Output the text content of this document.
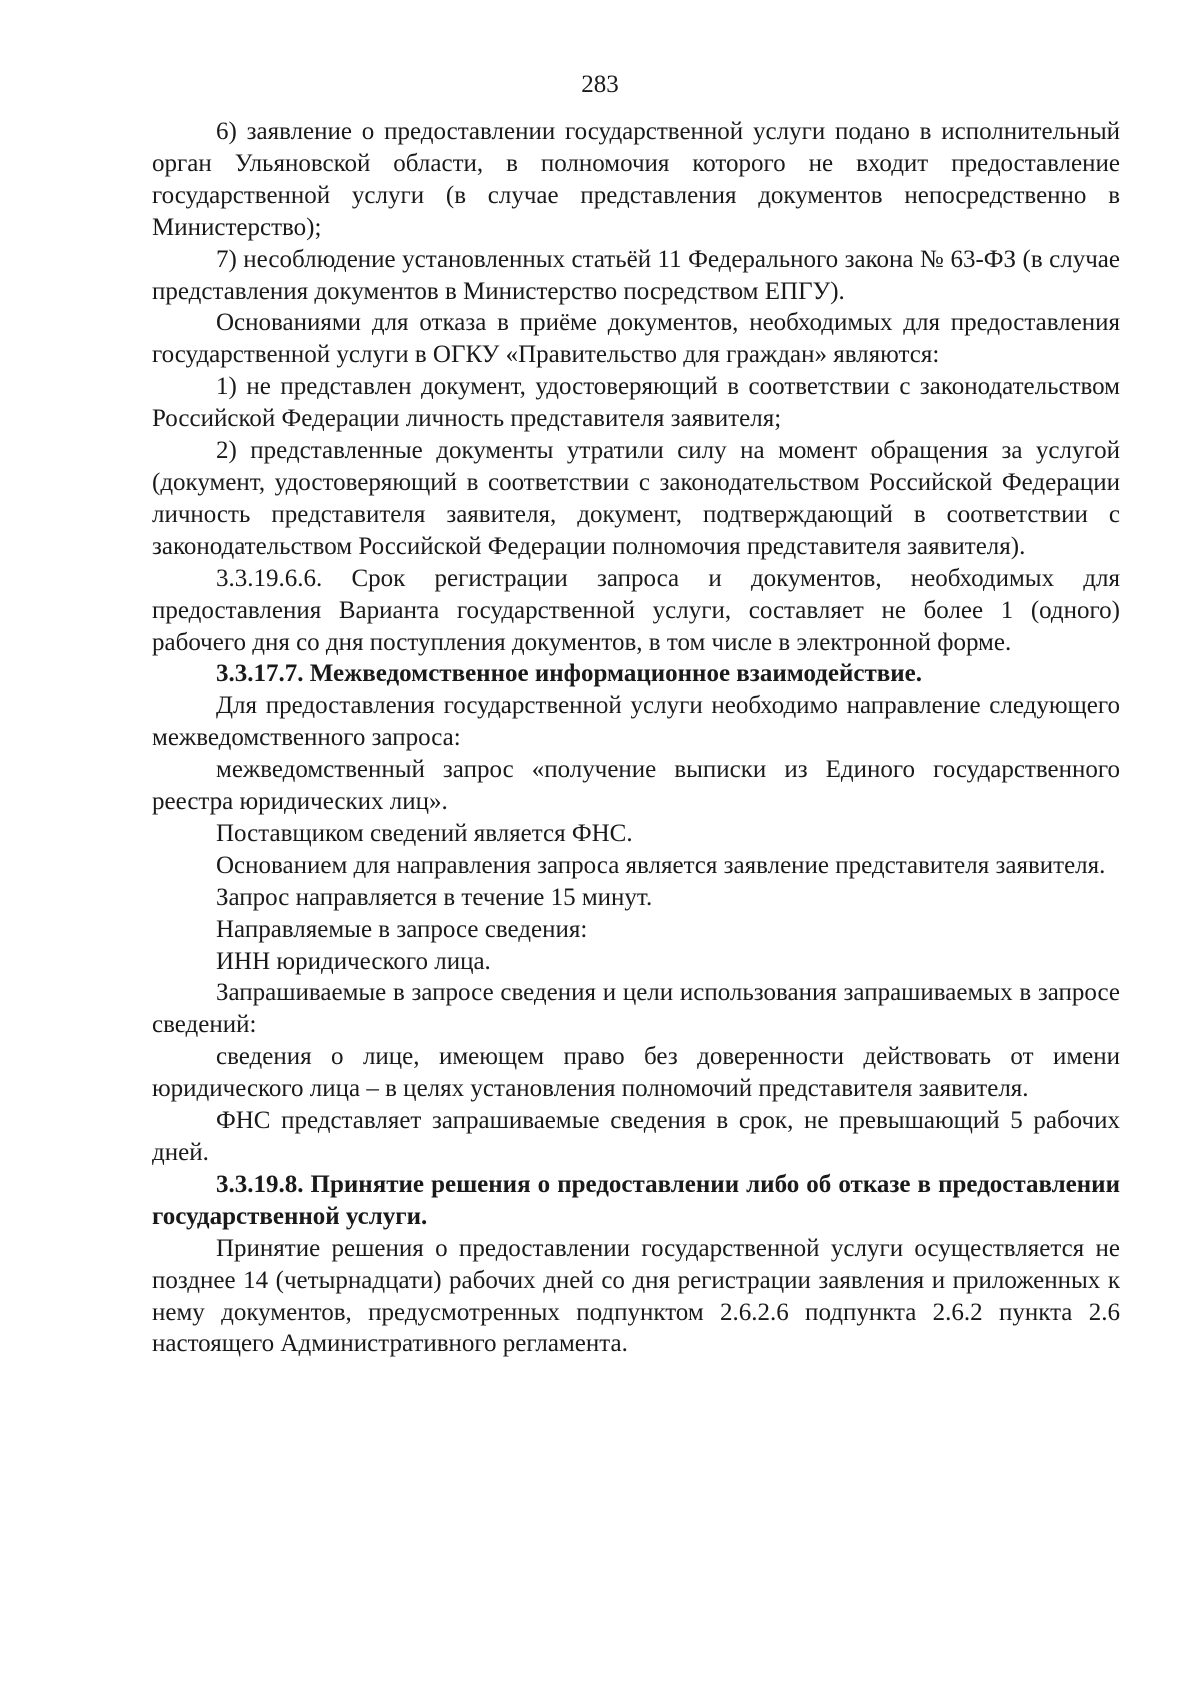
283

6) заявление о предоставлении государственной услуги подано в исполнительный орган Ульяновской области, в полномочия которого не входит предоставление государственной услуги (в случае представления документов непосредственно в Министерство);

7) несоблюдение установленных статьёй 11 Федерального закона № 63-ФЗ (в случае представления документов в Министерство посредством ЕПГУ).

Основаниями для отказа в приёме документов, необходимых для предоставления государственной услуги в ОГКУ «Правительство для граждан» являются:

1) не представлен документ, удостоверяющий в соответствии с законодательством Российской Федерации личность представителя заявителя;

2) представленные документы утратили силу на момент обращения за услугой (документ, удостоверяющий в соответствии с законодательством Российской Федерации личность представителя заявителя, документ, подтверждающий в соответствии с законодательством Российской Федерации полномочия представителя заявителя).

3.3.19.6.6. Срок регистрации запроса и документов, необходимых для предоставления Варианта государственной услуги, составляет не более 1 (одного) рабочего дня со дня поступления документов, в том числе в электронной форме.

3.3.17.7. Межведомственное информационное взаимодействие.

Для предоставления государственной услуги необходимо направление следующего межведомственного запроса:

межведомственный запрос «получение выписки из Единого государственного реестра юридических лиц».

Поставщиком сведений является ФНС.

Основанием для направления запроса является заявление представителя заявителя.

Запрос направляется в течение 15 минут.

Направляемые в запросе сведения:

ИНН юридического лица.

Запрашиваемые в запросе сведения и цели использования запрашиваемых в запросе сведений:

сведения о лице, имеющем право без доверенности действовать от имени юридического лица – в целях установления полномочий представителя заявителя.

ФНС представляет запрашиваемые сведения в срок, не превышающий 5 рабочих дней.

3.3.19.8. Принятие решения о предоставлении либо об отказе в предоставлении государственной услуги.

Принятие решения о предоставлении государственной услуги осуществляется не позднее 14 (четырнадцати) рабочих дней со дня регистрации заявления и приложенных к нему документов, предусмотренных подпунктом 2.6.2.6 подпункта 2.6.2 пункта 2.6 настоящего Административного регламента.
